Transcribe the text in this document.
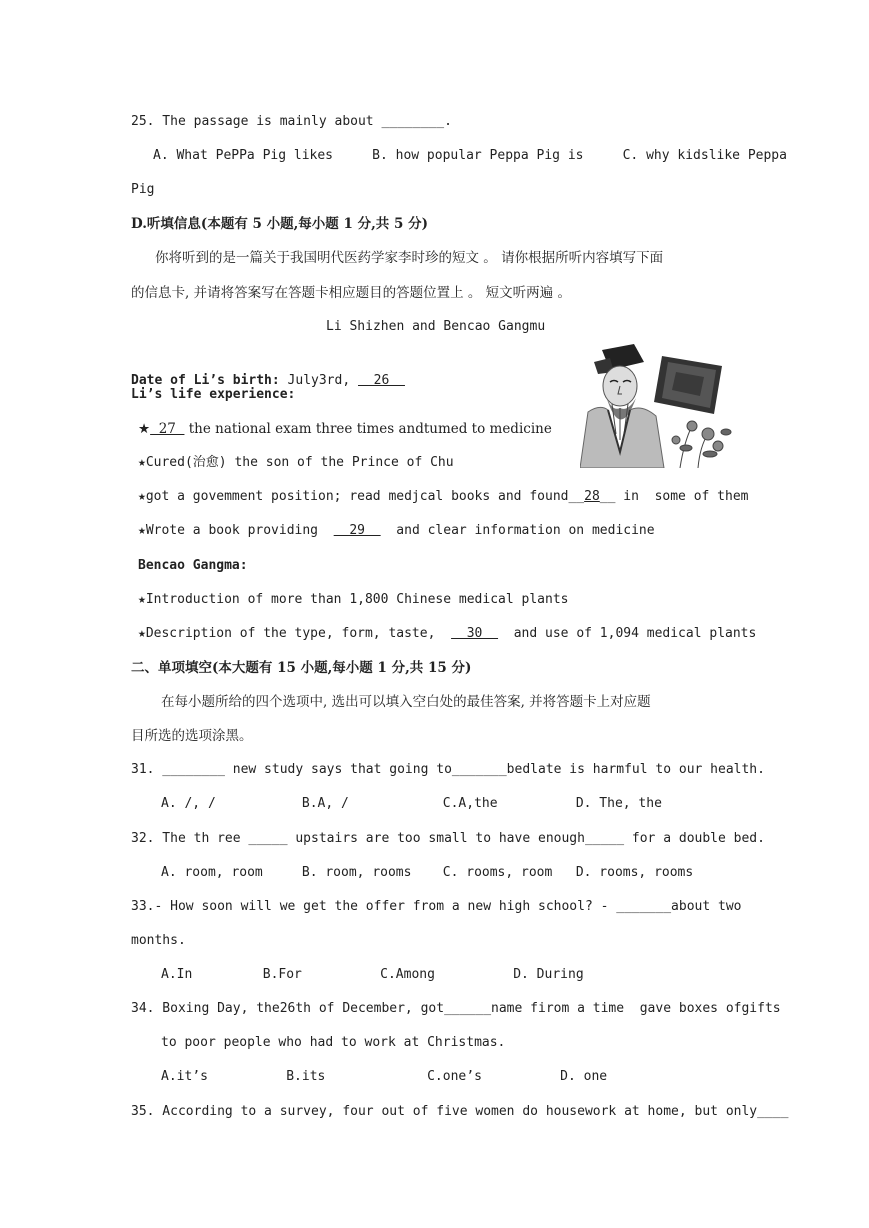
25. The passage is mainly about ________.
A. What PePPa Pig likes     B. how popular Peppa Pig is     C. why kidslike Peppa
Pig
D.听填信息(本题有 5 小题,每小题 1 分,共 5 分)
你将听到的是一篇关于我国明代医药学家李时珍的短文 。 请你根据所听内容填写下面
的信息卡, 并请将答案写在答题卡相应题目的答题位置上 。 短文听两遍 。
Li Shizhen and Bencao Gangmu

Date of Li’s birth: July3rd,   26
Li’s life experience:
★  27   the national exam three times andtumed to medicine
★Cured(治愈) the son of the Prince of Chu
★got a govemment position; read medjcal books and found__28__ in  some of them
★Wrote a book providing    29    and clear information on medicine
Bencao Gangma:
★Introduction of more than 1,800 Chinese medical plants
★Description of the type, form, taste,    30    and use of 1,094 medical plants
二、单项填空(本大题有 15 小题,每小题 1 分,共 15 分)
在每小题所给的四个选项中, 选出可以填入空白处的最佳答案, 并将答题卡上对应题
目所选的选项涂黑。
31. ________ new study says that going to_______bedlate is harmful to our health.
A. /, /           B.A, /            C.A,the          D. The, the
32. The th ree _____ upstairs are too small to have enough_____ for a double bed.
A. room, room     B. room, rooms    C. rooms, room   D. rooms, rooms
33.- How soon will we get the offer from a new high school? - _______about two
months.
A.In         B.For          C.Among          D. During
34. Boxing Day, the26th of December, got______name firom a time  gave boxes ofgifts
to poor people who had to work at Christmas.
A.it’s          B.its             C.one’s          D. one
35. According to a survey, four out of five women do housework at home, but only____
